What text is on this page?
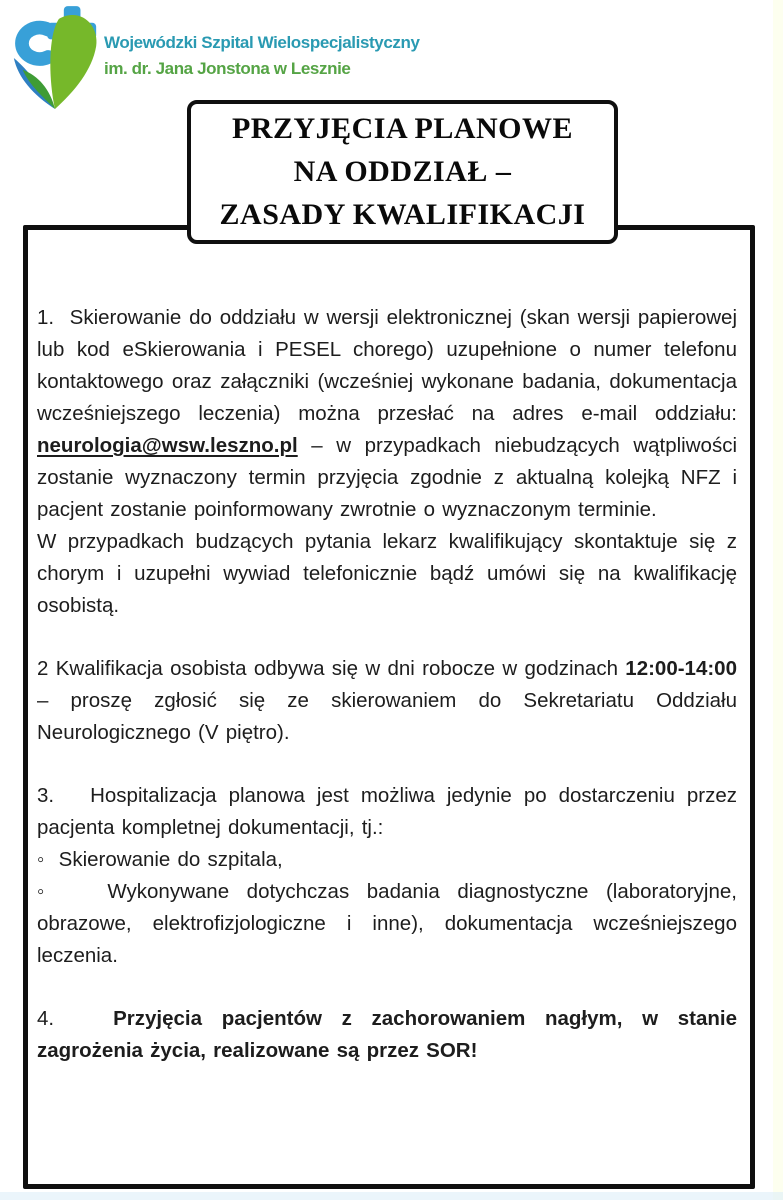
Wojewódzki Szpital Wielospecjalistyczny
im. dr. Jana Jonstona w Lesznie
PRZYJĘCIA PLANOWE
NA ODDZIAŁ –
ZASADY KWALIFIKACJI

1.  Skierowanie do oddziału w wersji elektronicznej (skan wersji papierowej lub kod eSkierowania i PESEL chorego) uzupełnione o numer telefonu kontaktowego oraz załączniki (wcześniej wykonane badania, dokumentacja wcześniejszego leczenia) można przesłać na adres e-mail oddziału: neurologia@wsw.leszno.pl – w przypadkach niebudzących wątpliwości zostanie wyznaczony termin przyjęcia zgodnie z aktualną kolejką NFZ i pacjent zostanie poinformowany zwrotnie o wyznaczonym terminie.

W przypadkach budzących pytania lekarz kwalifikujący skontaktuje się z chorym i uzupełni wywiad telefonicznie bądź umówi się na kwalifikację osobistą.

2 Kwalifikacja osobista odbywa się w dni robocze w godzinach 12:00-14:00 – proszę zgłosić się ze skierowaniem do Sekretariatu Oddziału Neurologicznego (V piętro).

3.   Hospitalizacja planowa jest możliwa jedynie po dostarczeniu przez pacjenta kompletnej dokumentacji, tj.:

◦  Skierowanie do szpitala,

◦   Wykonywane dotychczas badania diagnostyczne (laboratoryjne, obrazowe, elektrofizjologiczne i inne), dokumentacja wcześniejszego leczenia.

4.   Przyjęcia pacjentów z zachorowaniem nagłym, w stanie zagrożenia życia, realizowane są przez SOR!
